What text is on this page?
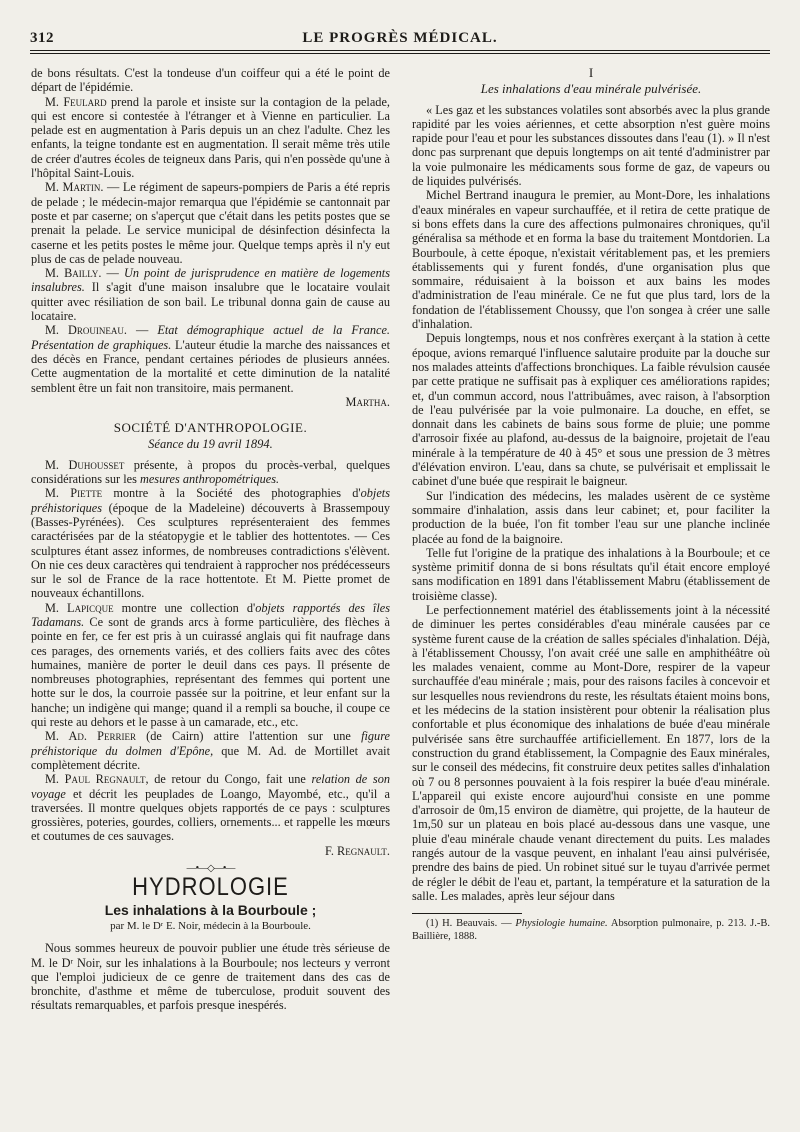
312	LE PROGRÈS MÉDICAL.

de bons résultats. C'est la tondeuse d'un coiffeur qui a été le point de départ de l'épidémie.

M. Feulard prend la parole et insiste sur la contagion de la pelade, qui est encore si contestée à l'étranger et à Vienne en particulier. La pelade est en augmentation à Paris depuis un an chez l'adulte. Chez les enfants, la teigne tondante est en augmentation. Il serait même très utile de créer d'autres écoles de teigneux dans Paris, qui n'en possède qu'une à l'hôpital Saint-Louis.

M. Martin. — Le régiment de sapeurs-pompiers de Paris a été repris de pelade ; le médecin-major remarqua que l'épidémie se cantonnait par poste et par caserne; on s'aperçut que c'était dans les petits postes que se prenait la pelade. Le service municipal de désinfection désinfecta la caserne et les petits postes le même jour. Quelque temps après il n'y eut plus de cas de pelade nouveau.

M. Bailly. — Un point de jurisprudence en matière de logements insalubres. Il s'agit d'une maison insalubre que le locataire voulait quitter avec résiliation de son bail. Le tribunal donna gain de cause au locataire.

M. Drouineau. — Etat démographique actuel de la France. Présentation de graphiques. L'auteur étudie la marche des naissances et des décès en France, pendant certaines périodes de plusieurs années. Cette augmentation de la mortalité et cette diminution de la natalité semblent être un fait non transitoire, mais permanent.

Martha.

SOCIÉTÉ D'ANTHROPOLOGIE.
Séance du 19 avril 1894.

M. Duhousset présente, à propos du procès-verbal, quelques considérations sur les mesures anthropométriques.

M. Piette montre à la Société des photographies d'objets préhistoriques (époque de la Madeleine) découverts à Brassempouy (Basses-Pyrénées). Ces sculptures représenteraient des femmes caractérisées par de la stéatopygie et le tablier des hottentotes. — Ces sculptures étant assez informes, de nombreuses contradictions s'élèvent. On nie ces deux caractères qui tendraient à rapprocher nos prédécesseurs sur le sol de France de la race hottentote. Et M. Piette promet de nouveaux échantillons.

M. Lapicque montre une collection d'objets rapportés des îles Tadamans. Ce sont de grands arcs à forme particulière, des flèches à pointe en fer, ce fer est pris à un cuirassé anglais qui fit naufrage dans ces parages, des ornements variés, et des colliers faits avec des côtes humaines, manière de porter le deuil dans ces pays. Il présente de nombreuses photographies, représentant des femmes qui portent une hotte sur le dos, la courroie passée sur la poitrine, et leur enfant sur la hanche; un indigène qui mange; quand il a rempli sa bouche, il coupe ce qui reste au dehors et le passe à un camarade, etc., etc.

M. Ad. Perrier (de Cairn) attire l'attention sur une figure préhistorique du dolmen d'Epône, que M. Ad. de Mortillet avait complètement décrite.

M. Paul Regnault, de retour du Congo, fait une relation de son voyage et décrit les peuplades de Loango, Mayombé, etc., qu'il a traversées. Il montre quelques objets rapportés de ce pays : sculptures grossières, poteries, gourdes, colliers, ornements... et rappelle les mœurs et coutumes de ces sauvages.

F. Regnault.

—•—◇—•—
HYDROLOGIE
Les inhalations à la Bourboule ;
par M. le Dʳ E. Noir, médecin à la Bourboule.

Nous sommes heureux de pouvoir publier une étude très sérieuse de M. le Dʳ Noir, sur les inhalations à la Bourboule; nos lecteurs y verront que l'emploi judicieux de ce genre de traitement dans des cas de bronchite, d'asthme et même de tuberculose, produit souvent des résultats remarquables, et parfois presque inespérés.

I
Les inhalations d'eau minérale pulvérisée.

« Les gaz et les substances volatiles sont absorbés avec la plus grande rapidité par les voies aériennes, et cette absorption n'est guère moins rapide pour l'eau et pour les substances dissoutes dans l'eau (1). » Il n'est donc pas surprenant que depuis longtemps on ait tenté d'administrer par la voie pulmonaire les médicaments sous forme de gaz, de vapeurs ou de liquides pulvérisés.

Michel Bertrand inaugura le premier, au Mont-Dore, les inhalations d'eaux minérales en vapeur surchauffée, et il retira de cette pratique de si bons effets dans la cure des affections pulmonaires chroniques, qu'il généralisa sa méthode et en forma la base du traitement Montdorien. La Bourboule, à cette époque, n'existait véritablement pas, et les premiers établissements qui y furent fondés, d'une organisation plus que sommaire, réduisaient à la boisson et aux bains les modes d'administration de l'eau minérale. Ce ne fut que plus tard, lors de la fondation de l'établissement Choussy, que l'on songea à créer une salle d'inhalation.

Depuis longtemps, nous et nos confrères exerçant à la station à cette époque, avions remarqué l'influence salutaire produite par la douche sur nos malades atteints d'affections bronchiques. La faible révulsion causée par cette pratique ne suffisait pas à expliquer ces améliorations rapides; et, d'un commun accord, nous l'attribuâmes, avec raison, à l'absorption de l'eau pulvérisée par la voie pulmonaire. La douche, en effet, se donnait dans les cabinets de bains sous forme de pluie; une pomme d'arrosoir fixée au plafond, au-dessus de la baignoire, projetait de l'eau minérale à la température de 40 à 45° et sous une pression de 3 mètres d'élévation environ. L'eau, dans sa chute, se pulvérisait et emplissait le cabinet d'une buée que respirait le baigneur.

Sur l'indication des médecins, les malades usèrent de ce système sommaire d'inhalation, assis dans leur cabinet; et, pour faciliter la production de la buée, l'on fit tomber l'eau sur une planche inclinée placée au fond de la baignoire.

Telle fut l'origine de la pratique des inhalations à la Bourboule; et ce système primitif donna de si bons résultats qu'il était encore employé sans modification en 1891 dans l'établissement Mabru (établissement de troisième classe).

Le perfectionnement matériel des établissements joint à la nécessité de diminuer les pertes considérables d'eau minérale causées par ce système furent cause de la création de salles spéciales d'inhalation. Déjà, à l'établissement Choussy, l'on avait créé une salle en amphithéâtre où les malades venaient, comme au Mont-Dore, respirer de la vapeur surchauffée d'eau minérale ; mais, pour des raisons faciles à concevoir et sur lesquelles nous reviendrons du reste, les résultats étaient moins bons, et les médecins de la station insistèrent pour obtenir la réalisation plus confortable et plus économique des inhalations de buée d'eau minérale pulvérisée sans être surchauffée artificiellement. En 1877, lors de la construction du grand établissement, la Compagnie des Eaux minérales, sur le conseil des médecins, fit construire deux petites salles d'inhalation où 7 ou 8 personnes pouvaient à la fois respirer la buée d'eau minérale. L'appareil qui existe encore aujourd'hui consiste en une pomme d'arrosoir de 0m,15 environ de diamètre, qui projette, de la hauteur de 1m,50 sur un plateau en bois placé au-dessous dans une vasque, une pluie d'eau minérale chaude venant directement du puits. Les malades rangés autour de la vasque peuvent, en inhalant l'eau ainsi pulvérisée, prendre des bains de pied. Un robinet situé sur le tuyau d'arrivée permet de régler le débit de l'eau et, partant, la température et la saturation de la salle. Les malades, après leur séjour dans

(1) H. Beauvais. — Physiologie humaine. Absorption pulmonaire, p. 213. J.-B. Baillière, 1888.
